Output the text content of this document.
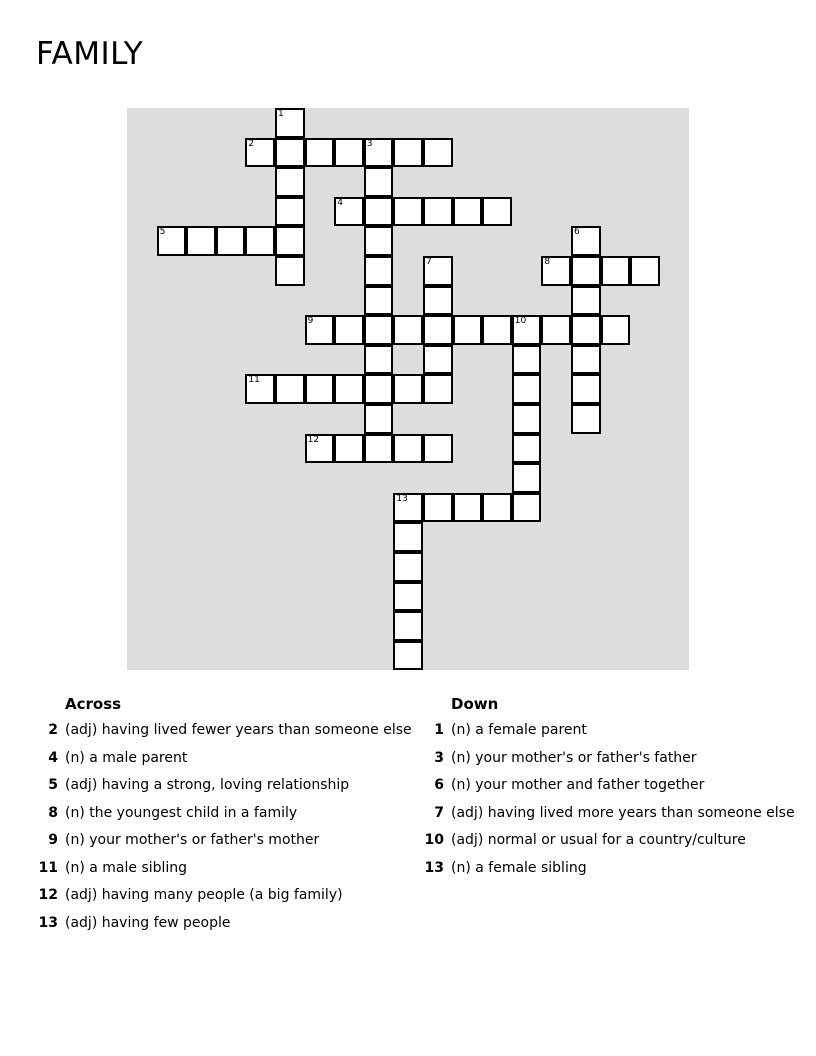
FAMILY
1
2	3
4
5	6
7	8
9	10
11
12
13
Across
2 (adj) having lived fewer years than someone else
4 (n) a male parent
5 (adj) having a strong, loving relationship
8 (n) the youngest child in a family
9 (n) your mother's or father's mother
11 (n) a male sibling
12 (adj) having many people (a big family)
13 (adj) having few people
Down
1 (n) a female parent
3 (n) your mother's or father's father
6 (n) your mother and father together
7 (adj) having lived more years than someone else
10 (adj) normal or usual for a country/culture
13 (n) a female sibling
